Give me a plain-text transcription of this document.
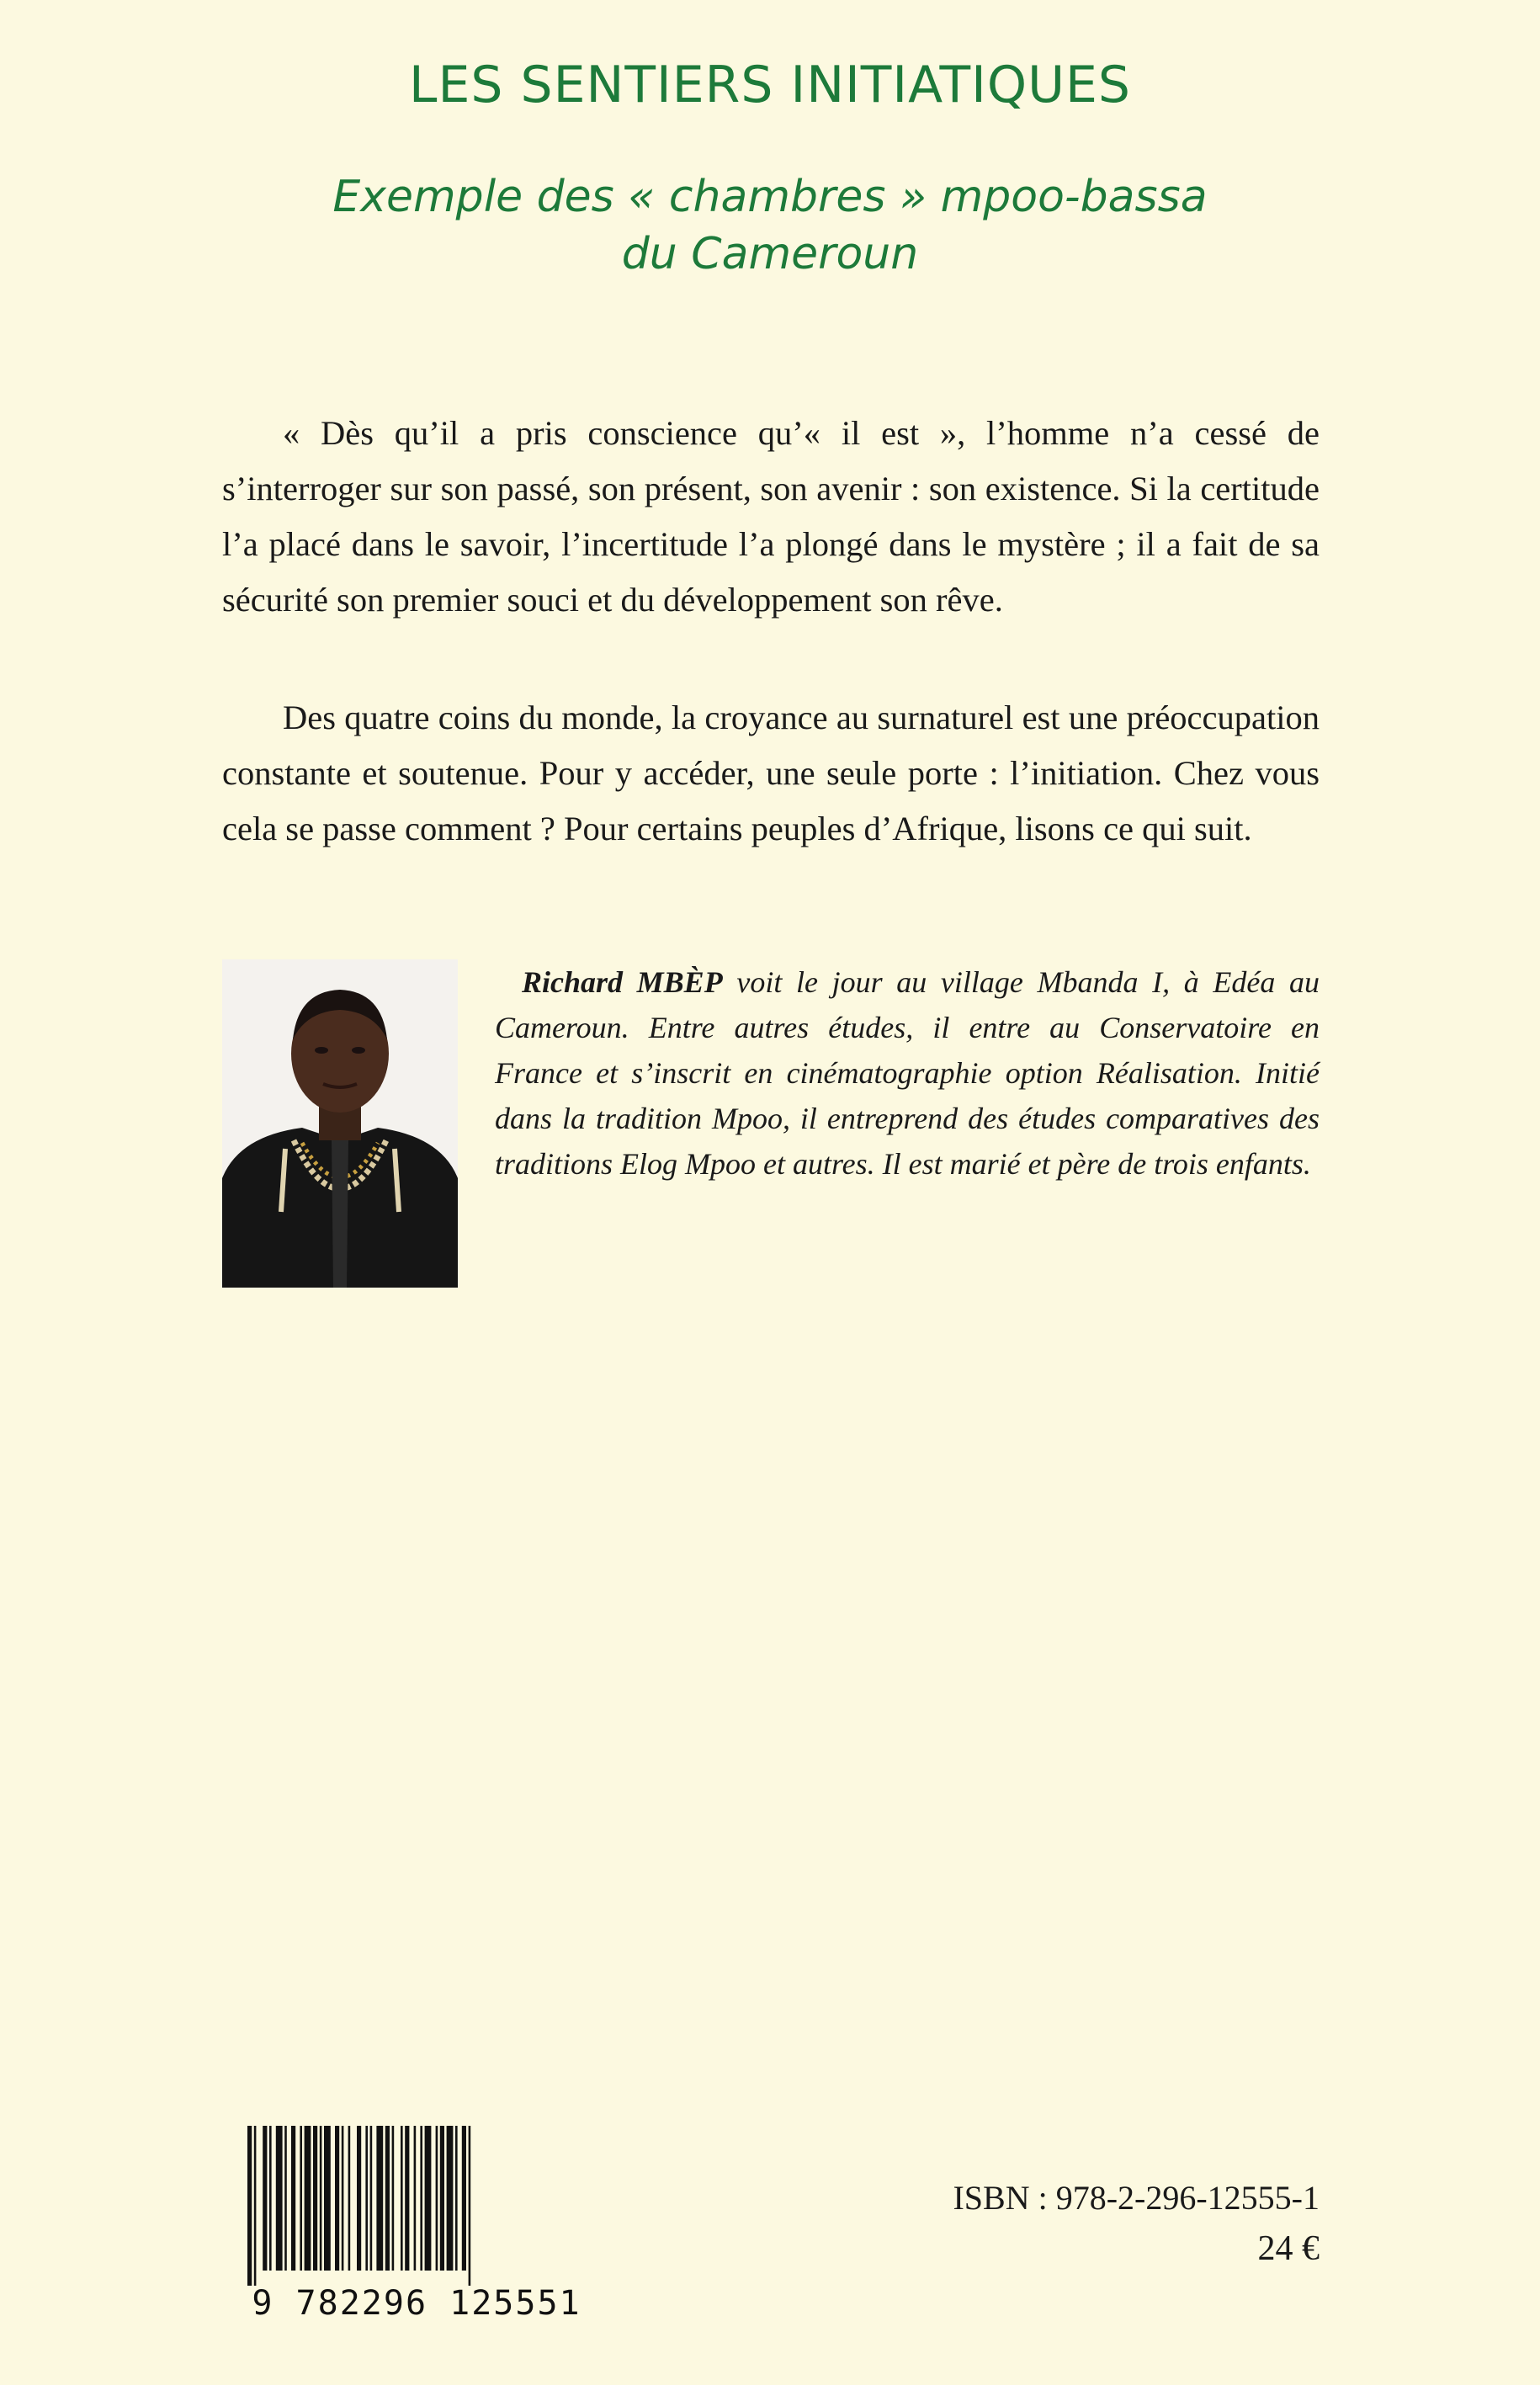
LES SENTIERS INITIATIQUES
Exemple des « chambres » mpoo-bassa
du Cameroun

« Dès qu’il a pris conscience qu’« il est », l’homme n’a cessé de s’interroger sur son passé, son présent, son avenir : son existence. Si la certitude l’a placé dans le savoir, l’incertitude l’a plongé dans le mystère ; il a fait de sa sécurité son premier souci et du développement son rêve.

Des quatre coins du monde, la croyance au surnaturel est une préoccupation constante et soutenue. Pour y accéder, une seule porte : l’initiation. Chez vous cela se passe comment ? Pour certains peuples d’Afrique, lisons ce qui suit.

Richard MBÈP voit le jour au village Mbanda I, à Edéa au Cameroun. Entre autres études, il entre au Conservatoire en France et s’inscrit en cinématographie option Réalisation. Initié dans la tradition Mpoo, il entreprend des études comparatives des traditions Elog Mpoo et autres. Il est marié et père de trois enfants.

9 782296 125551
ISBN : 978-2-296-12555-1
24 €
